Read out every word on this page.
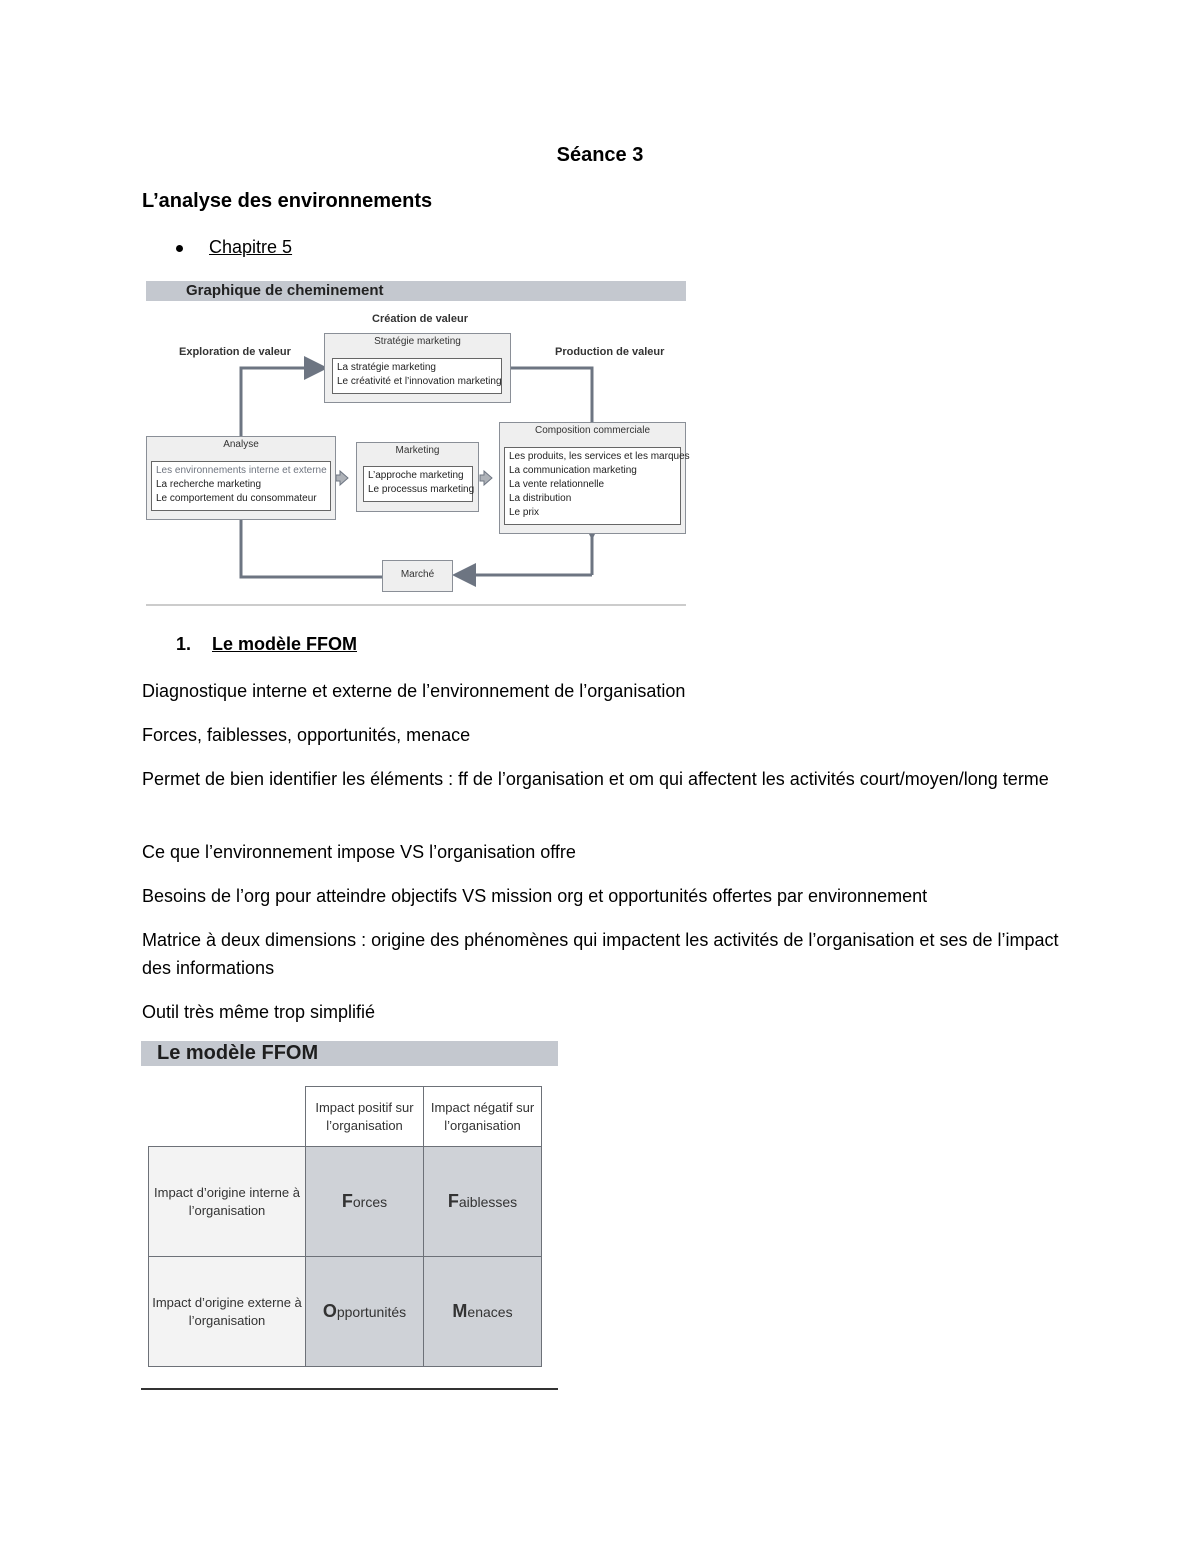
Séance 3
L’analyse des environnements
Chapitre 5
Graphique de cheminement
Création de valeur
Exploration de valeur	Production de valeur
Stratégie marketing
La stratégie marketing
Le créativité et l’innovation marketing
Analyse
Les environnements interne et externe
La recherche marketing
Le comportement du consommateur
Marketing
L’approche marketing
Le processus marketing
Composition commerciale
Les produits, les services et les marques
La communication marketing
La vente relationnelle
La distribution
Le prix
Marché
1. Le modèle FFOM
Diagnostique interne et externe de l’environnement de l’organisation
Forces, faiblesses, opportunités, menace
Permet de bien identifier les éléments : ff de l’organisation et om qui affectent les activités court/moyen/long terme
Ce que l’environnement impose VS l’organisation offre
Besoins de l’org pour atteindre objectifs VS mission org et opportunités offertes par environnement
Matrice à deux dimensions : origine des phénomènes qui impactent les activités de l’organisation et ses de l’impact des informations
Outil très même trop simplifié
Le modèle FFOM
	Impact positif sur l’organisation	Impact négatif sur l’organisation
Impact d’origine interne à l’organisation	Forces	Faiblesses
Impact d’origine externe à l’organisation	Opportunités	Menaces
